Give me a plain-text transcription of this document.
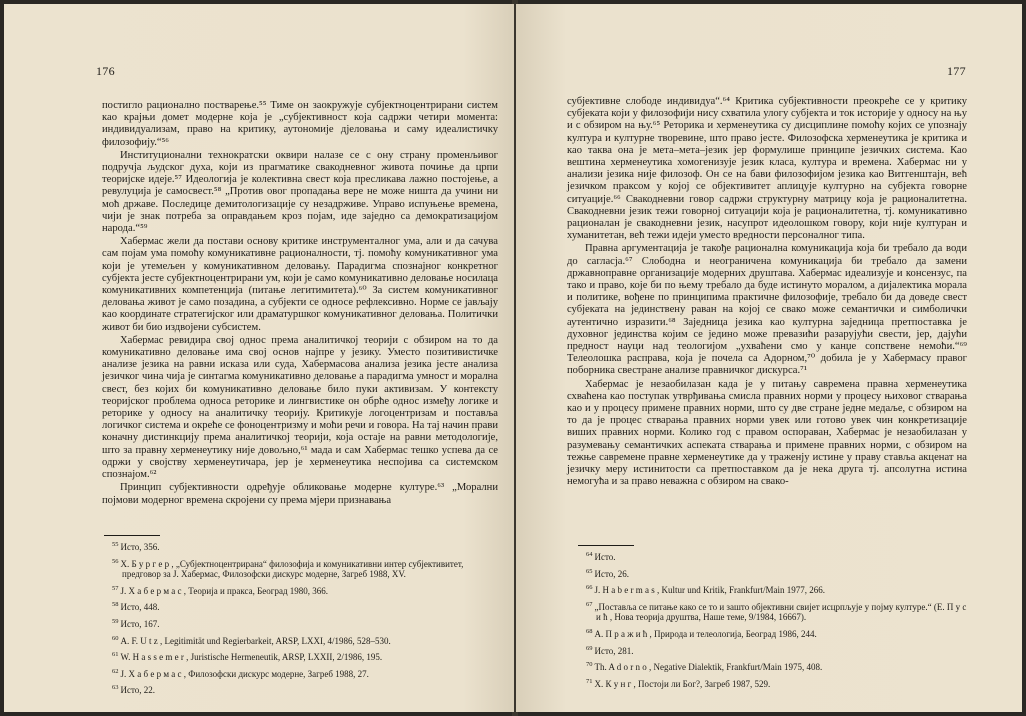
176

постигло рационално постварење.⁵⁵ Тиме он заокружује субјектноцентрирани систем као крајњи домет модерне која је „субјективност која садржи четири момента: индивидуализам, право на критику, аутономије дјеловања и самy идеалистичку филозофију.“⁵⁶

Институционални технократски оквири налазе се с ону страну променљивог подручја људског духа, који из прагматике свакодневног живота почиње да црпи теоријске идеје.⁵⁷ Идеологија је колективна свест која пресликава лажно постојење, а ревулуција је самосвест.⁵⁸ „Против овог пропадања вере не може ништа да учини ни моћ државе. Последице демитологизације су незадрживе. Управо испуњење времена, чији је знак потреба за оправдањем кроз појам, иде заједно са демократизацијом народа.“⁵⁹

Хабермас жели да постави основу критике инструменталног ума, али и да сачува сам појам ума помоћу комуникативне рационалности, тј. помоћу комуникативног ума који је утемељен у комуникативном деловању. Парадигма спознајног конкретног субјекта јесте субјектноцентрирани ум, који је само комуникативно деловање носилаца комуникативних компетенција (питање легитимитета).⁶⁰ За систем комуникативног деловања живот је само позадина, а субјекти се односе рефлексивно. Норме се јављају као координате стратегијског или драматуршког комуникативног деловања. Политички живот би био издвојени субсистем.

Хабермас ревидира свој однос према аналитичкој теорији с обзиром на то да комуникативно деловање има свој основ најпре у језику. Уместо позитивистичке анализе језика на равни исказа или суда, Хабермасова анализа језика јесте анализа језичког чина чија је синтагма комуникативно деловање а парадигма умност и морална свест, без којих би комуникативно деловање било пуки активизам. У контексту теоријског проблема односа реторике и лингвистике он обрће однос између логике и реторике у односу на аналитичку теорију. Критикује логоцентризам и поставља логичког система и окреће се фоноцентризму и моћи речи и говора. На тај начин прави коначну дистинкцију према аналитичкој теорији, која остаје на равни методологије, што за правну херменеутику није довољно,⁶¹ мада и сам Хабермас тешко успева да се одржи у својству херменеутичара, јер је херменеутика неспојива са системском спознајом.⁶²

Принцип субјективности одређује обликовање модерне културе.⁶³ „Морални појмови модерног времена скројени су према мјери признавања

$^{55}$ Исто, 356.
$^{56}$ Х. Б у р г е р , „Субјектноцентрирана“ филозофија и комуникативни интер субјективитет, предговор за Ј. Хабермас, Филозофски дискурс модерне, Загреб 1988, XV.
$^{57}$ Ј. Х а б е р м а с , Теорија и пракса, Београд 1980, 366.
$^{58}$ Исто, 448.
$^{59}$ Исто, 167.
$^{60}$ A. F. U t z , Legitimität und Regierbarkeit, ARSP, LXXI, 4/1986, 528–530.
$^{61}$ W. H a s s e m e r , Juristische Hermeneutik, ARSP, LXXII, 2/1986, 195.
$^{62}$ Ј. Х а б е р м а с , Филозофски дискурс модерне, Загреб 1988, 27.
$^{63}$ Исто, 22.
177

субјективне слободе индивидуа“.⁶⁴ Критика субјективности преокреће се у критику субјеката који у филозофији нису схватила улогу субјекта и ток историје у односу на њу и с обзиром на њу.⁶⁵ Реторика и херменеутика су дисциплине помоћу којих се упознају култура и културне творевине, што право јесте. Филозофска херменеутика је критика и као таква она је мета–мета–језик јер формулише принципе језичких система. Као вештина херменеутика хомогенизује језик класа, култура и времена. Хабермас ни у анализи језика није филозоф. Он се на бави филозофијом језика као Витгенштајн, већ језичком праксом у којој се објективитет аплицује културно на субјекта говорне ситуације.⁶⁶ Свакодневни говор садржи структурну матрицу која је рационалитетна. Свакодневни језик тежи говорној ситуацији која је рационалитетна, тј. комуникативно рационалан је свакодневни језик, насупрот идеолошком говору, који није културан и хуманитетан, већ тежи идеји уместо вредности персоналног типа.

Правна аргументација је такође рационална комуникација која би требало да води до сагласја.⁶⁷ Слободна и неограничена комуникација би требало да замени државноправне организације модерних друштава. Хабермас идеализује и консензус, па тако и право, које би по њему требало да буде истинуто моралом, а дијалектика морала и политике, вођене по принципима практичне филозофије, требало би да доведе свест субјеката на јединствену раван на којој се свако може семантички и симболички аутентично изразити.⁶⁸ Заједница језика као културна заједница претпоставка је духовног јединства којим се једино може превазићи разарујући свести, јер, дајући предност науци над теологијом „ухваћени смо у канџе сопствене немоћи.“⁶⁹ Телеолошка расправа, која је почела са Адорном,⁷⁰ добила је у Хабермасу правог поборника свестране анализе правничког дискурса.⁷¹

Хабермас је незаобилазан када је у питању савремена правна херменеутика схваћена као поступак утврђивања смисла правних норми у процесу њиховог стварања као и у процесу примене правних норми, што су две стране једне медаље, с обзиром на то да је процес стварања правних норми увек или готово увек чин конкретизације виших правних норми. Колико год с правом оспораван, Хабермас је незаобилазан у разумевању семантичких аспеката стварања и примене правних норми, с обзиром на тежње савремене правне херменеутике да у траженју истине у праву ставља акценат на језичку меру истинитости са претпоставком да је нека друга тј. апсолутна истина немогућа и за право неважна с обзиром на свако-

$^{64}$ Исто.
$^{65}$ Исто, 26.
$^{66}$ J. H a b e r m a s , Kultur und Kritik, Frankfurt/Main 1977, 266.
$^{67}$ „Постављa се питање како се то и зашто објективни свијет исцрпљује у појму културе.“ (Е. П у с и ћ , Нова теорија друштва, Наше теме, 9/1984, 16667).
$^{68}$ А. П р а ж и ћ , Природа и телеологија, Београд 1986, 244.
$^{69}$ Исто, 281.
$^{70}$ Th. A d o r n o , Negative Dialektik, Frankfurt/Main 1975, 408.
$^{71}$ Х. К у н г , Постоји ли Бог?, Загреб 1987, 529.
